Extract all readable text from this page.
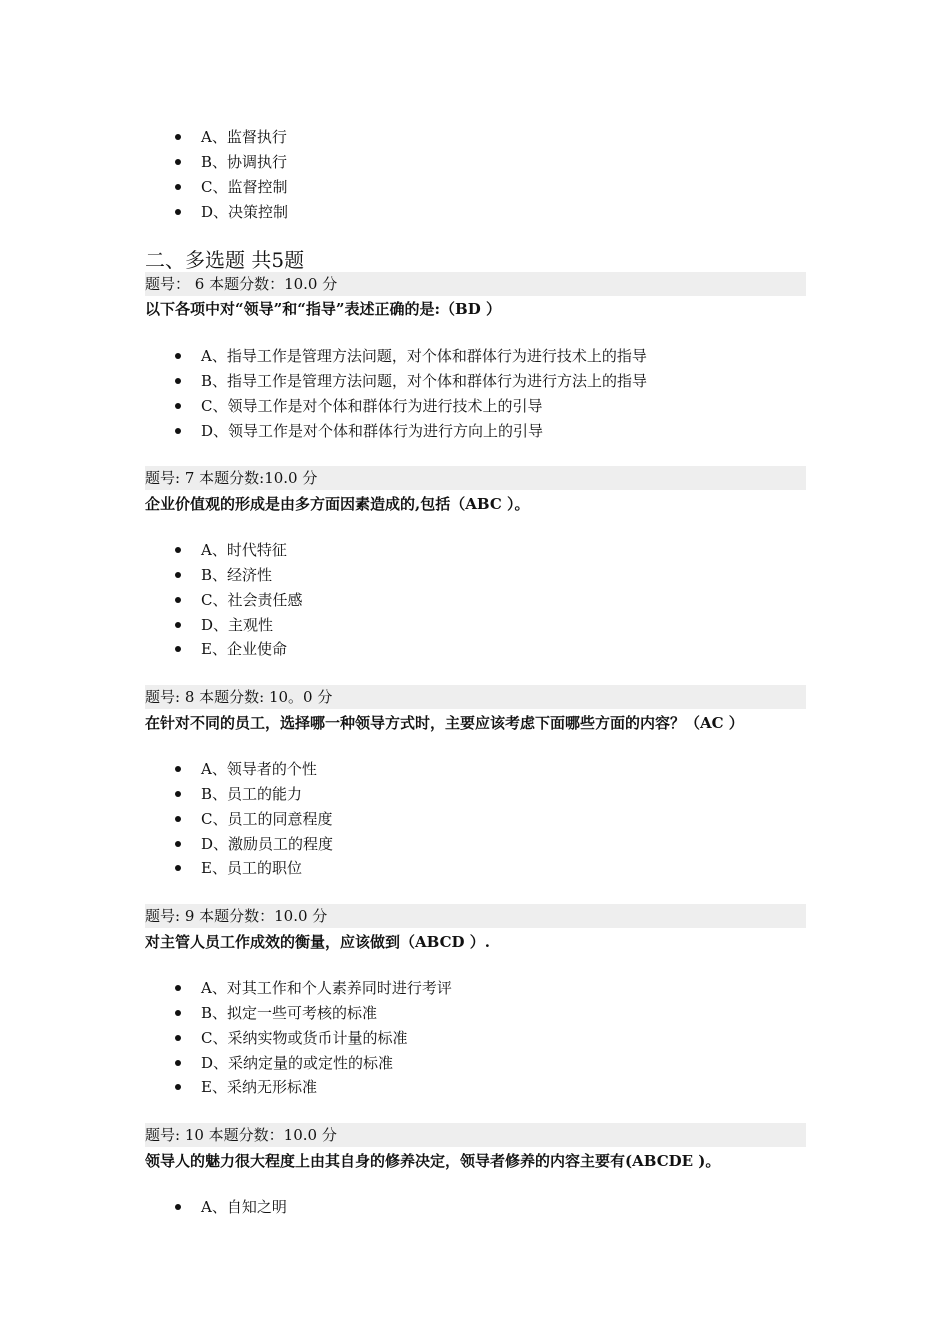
A、监督执行
B、协调执行
C、监督控制
D、决策控制
二、多选题 共5题
题号： 6 本题分数：10.0 分
以下各项中对“领导”和“指导”表述正确的是:（BD ）
A、指导工作是管理方法问题，对个体和群体行为进行技术上的指导
B、指导工作是管理方法问题，对个体和群体行为进行方法上的指导
C、领导工作是对个体和群体行为进行技术上的引导
D、领导工作是对个体和群体行为进行方向上的引导
题号: 7 本题分数:10.0 分
企业价值观的形成是由多方面因素造成的,包括（ABC ）。
A、时代特征
B、经济性
C、社会责任感
D、主观性
E、企业使命
题号: 8 本题分数: 10。0 分
在针对不同的员工，选择哪一种领导方式时，主要应该考虑下面哪些方面的内容？（AC ）
A、领导者的个性
B、员工的能力
C、员工的同意程度
D、激励员工的程度
E、员工的职位
题号: 9 本题分数：10.0 分
对主管人员工作成效的衡量，应该做到（ABCD ）.
A、对其工作和个人素养同时进行考评
B、拟定一些可考核的标准
C、采纳实物或货币计量的标准
D、采纳定量的或定性的标准
E、采纳无形标准
题号: 10 本题分数：10.0 分
领导人的魅力很大程度上由其自身的修养决定，领导者修养的内容主要有(ABCDE )。
A、自知之明
